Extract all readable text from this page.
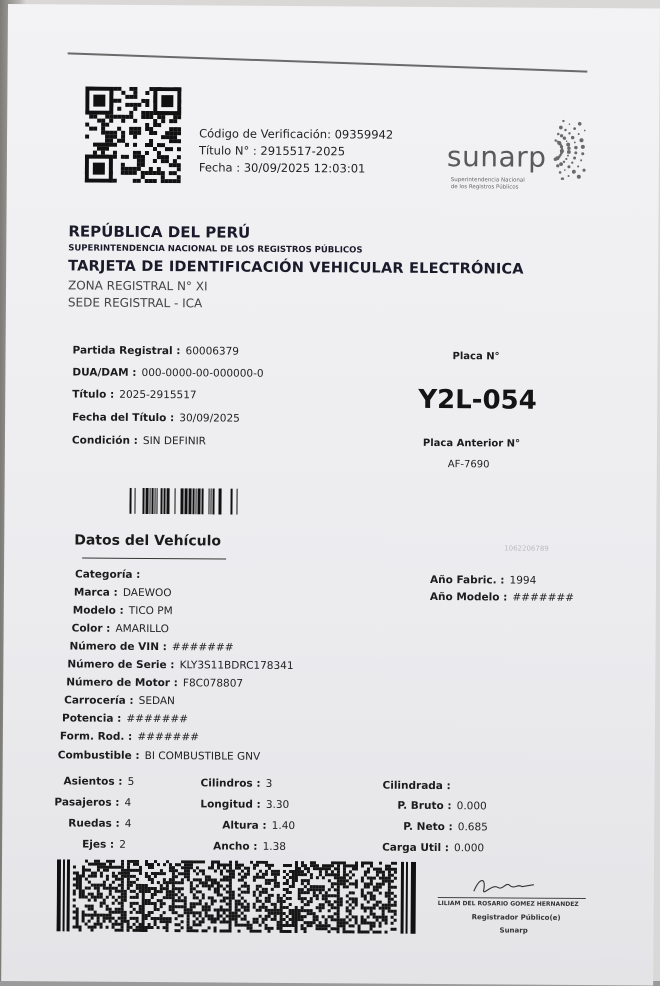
Código de Verificación: 09359942
Título N° : 2915517-2025
Fecha : 30/09/2025 12:03:01	sunarp
Superintendencia Nacional
de los Registros Públicos
REPÚBLICA DEL PERÚ
SUPERINTENDENCIA NACIONAL DE LOS REGISTROS PÚBLICOS
TARJETA DE IDENTIFICACIÓN VEHICULAR ELECTRÓNICA
ZONA REGISTRAL N° XI
SEDE REGISTRAL - ICA
Partida Registral : 60006379
DUA/DAM : 000-0000-00-000000-0
Título : 2025-2915517
Fecha del Título : 30/09/2025
Condición : SIN DEFINIR
Placa N°
Y2L-054
Placa Anterior N°
AF-7690
Datos del Vehículo	1062206789
Categoría :
Marca : DAEWOO
Modelo : TICO PM
Color : AMARILLO
Número de VIN : #######
Número de Serie : KLY3S11BDRC178341
Número de Motor : F8C078807
Carrocería : SEDAN
Potencia : #######
Form. Rod. : #######
Combustible : BI COMBUSTIBLE GNV
Año Fabric. : 1994
Año Modelo : #######
Asientos : 5
Pasajeros : 4
Ruedas : 4
Ejes : 2
Cilindros : 3
Longitud : 3.30
Altura : 1.40
Ancho : 1.38
Cilindrada :
P. Bruto : 0.000
P. Neto : 0.685
Carga Util : 0.000
LILIAM DEL ROSARIO GOMEZ HERNANDEZ
Registrador Público(e)
Sunarp
